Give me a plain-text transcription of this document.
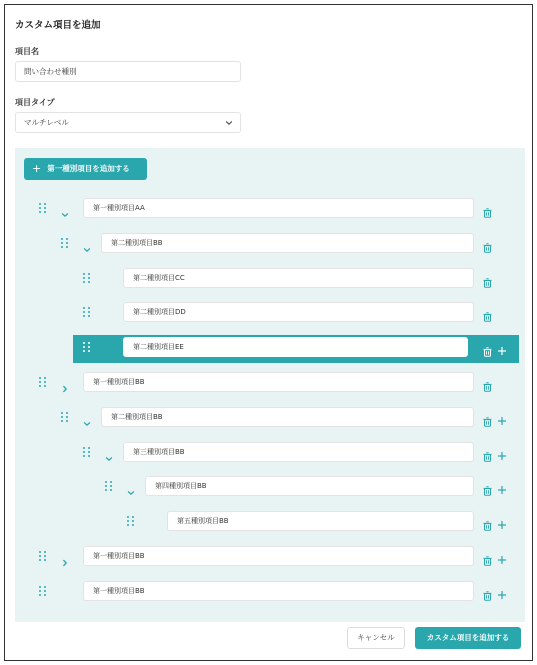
カスタム項目を追加
項目名
問い合わせ種別
項目タイプ
マルチレベル
+ 第一種別項目を追加する
第一種別項目AA
第二種別項目BB
第二種別項目CC
第二種別項目DD
第二種別項目EE
第一種別項目BB
第二種別項目BB
第三種別項目BB
第四種別項目BB
第五種別項目BB
第一種別項目BB
第一種別項目BB
キャンセル	カスタム項目を追加する
